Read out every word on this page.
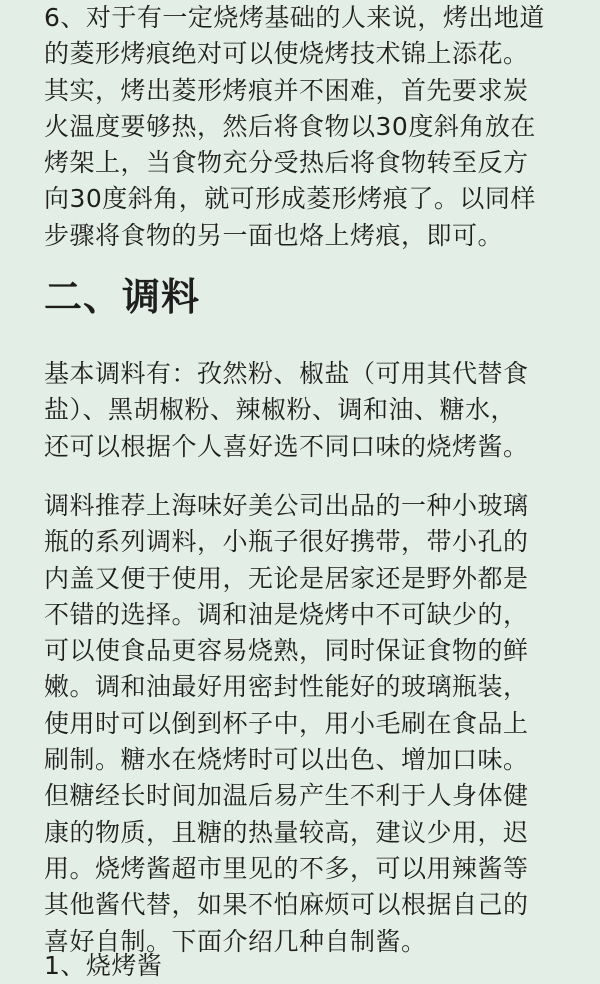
6、对于有一定烧烤基础的人来说，烤出地道
的菱形烤痕绝对可以使烧烤技术锦上添花。
其实，烤出菱形烤痕并不困难，首先要求炭
火温度要够热，然后将食物以30度斜角放在
烤架上，当食物充分受热后将食物转至反方
向30度斜角，就可形成菱形烤痕了。以同样
步骤将食物的另一面也烙上烤痕，即可。

二、调料

基本调料有：孜然粉、椒盐（可用其代替食
盐）、黑胡椒粉、辣椒粉、调和油、糖水，
还可以根据个人喜好选不同口味的烧烤酱。

调料推荐上海味好美公司出品的一种小玻璃
瓶的系列调料，小瓶子很好携带，带小孔的
内盖又便于使用，无论是居家还是野外都是
不错的选择。调和油是烧烤中不可缺少的，
可以使食品更容易烧熟，同时保证食物的鲜
嫩。调和油最好用密封性能好的玻璃瓶装，
使用时可以倒到杯子中，用小毛刷在食品上
刷制。糖水在烧烤时可以出色、增加口味。
但糖经长时间加温后易产生不利于人身体健
康的物质，且糖的热量较高，建议少用，迟
用。烧烤酱超市里见的不多，可以用辣酱等
其他酱代替，如果不怕麻烦可以根据自己的
喜好自制。下面介绍几种自制酱。

1、烧烤酱
